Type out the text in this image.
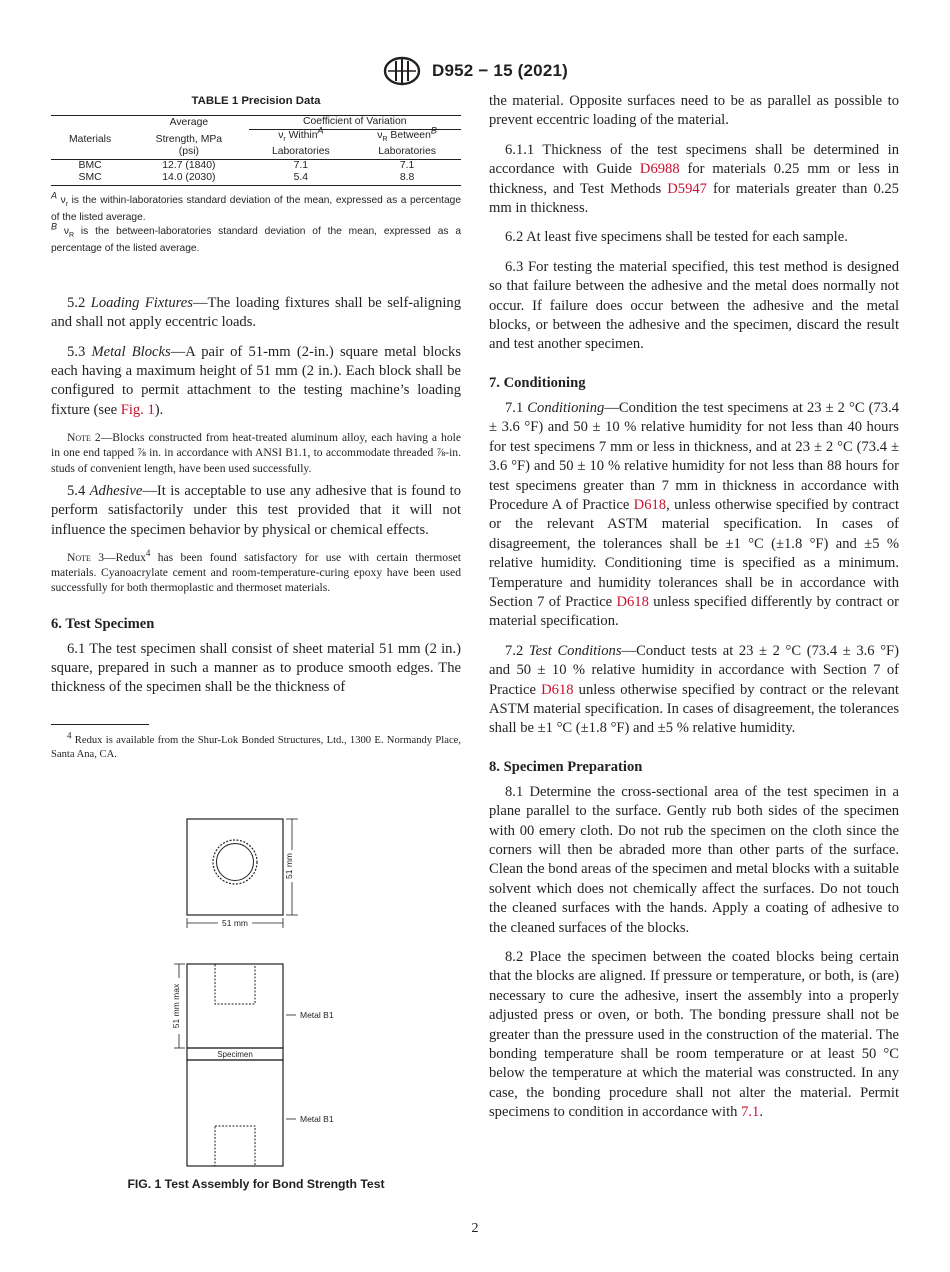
D952 − 15 (2021)
TABLE 1 Precision Data
	Average	Coefficient of Variation	
Materials	Strength, MPa	$\nu_r$ Within$^A$	$\nu_R$ Between$^B$
	(psi)	Laboratories	Laboratories
BMC	12.7 (1840)	7.1	7.1
SMC	14.0 (2030)	5.4	8.8

$^A$ $\nu_r$ is the within-laboratories standard deviation of the mean, expressed as a percentage of the listed average.

$^B$ $\nu_R$ is the between-laboratories standard deviation of the mean, expressed as a percentage of the listed average.

5.2 Loading Fixtures—The loading fixtures shall be self-aligning and shall not apply eccentric loads.

5.3 Metal Blocks—A pair of 51-mm (2-in.) square metal blocks each having a maximum height of 51 mm (2 in.). Each block shall be configured to permit attachment to the testing machine’s loading fixture (see Fig. 1).

Note 2—Blocks constructed from heat-treated aluminum alloy, each having a hole in one end tapped ⅞ in. in accordance with ANSI B1.1, to accommodate threaded ⅞-in. studs of convenient length, have been used successfully.

5.4 Adhesive—It is acceptable to use any adhesive that is found to perform satisfactorily under this test provided that it will not influence the specimen behavior by physical or chemical effects.

Note 3—Redux$^4$ has been found satisfactory for use with certain thermoset materials. Cyanoacrylate cement and room-temperature-curing epoxy have been used successfully for both thermoplastic and thermoset materials.

6. Test Specimen

6.1 The test specimen shall consist of sheet material 51 mm (2 in.) square, prepared in such a manner as to produce smooth edges. The thickness of the specimen shall be the thickness of

$^4$ Redux is available from the Shur-Lok Bonded Structures, Ltd., 1300 E. Normandy Place, Santa Ana, CA.

51 mm
51 mm
Specimen
51 mm max	Metal B1
Metal B1
FIG. 1 Test Assembly for Bond Strength Test

the material. Opposite surfaces need to be as parallel as possible to prevent eccentric loading of the material.

6.1.1 Thickness of the test specimens shall be determined in accordance with Guide D6988 for materials 0.25 mm or less in thickness, and Test Methods D5947 for materials greater than 0.25 mm in thickness.

6.2 At least five specimens shall be tested for each sample.

6.3 For testing the material specified, this test method is designed so that failure between the adhesive and the metal does normally not occur. If failure does occur between the adhesive and the metal blocks, or between the adhesive and the specimen, discard the result and test another specimen.

7. Conditioning

7.1 Conditioning—Condition the test specimens at 23 ± 2 °C (73.4 ± 3.6 °F) and 50 ± 10 % relative humidity for not less than 40 hours for test specimens 7 mm or less in thickness, and at 23 ± 2 °C (73.4 ± 3.6 °F) and 50 ± 10 % relative humidity for not less than 88 hours for test specimens greater than 7 mm in thickness in accordance with Procedure A of Practice D618, unless otherwise specified by contract or the relevant ASTM material specification. In cases of disagreement, the tolerances shall be ±1 °C (±1.8 °F) and ±5 % relative humidity. Conditioning time is specified as a minimum. Temperature and humidity tolerances shall be in accordance with Section 7 of Practice D618 unless specified differently by contract or material specification.

7.2 Test Conditions—Conduct tests at 23 ± 2 °C (73.4 ± 3.6 °F) and 50 ± 10 % relative humidity in accordance with Section 7 of Practice D618 unless otherwise specified by contract or the relevant ASTM material specification. In cases of disagreement, the tolerances shall be ±1 °C (±1.8 °F) and ±5 % relative humidity.

8. Specimen Preparation

8.1 Determine the cross-sectional area of the test specimen in a plane parallel to the surface. Gently rub both sides of the specimen with 00 emery cloth. Do not rub the specimen on the cloth since the corners will then be abraded more than other parts of the surface. Clean the bond areas of the specimen and metal blocks with a suitable solvent which does not chemically affect the surfaces. Do not touch the cleaned surfaces with the hands. Apply a coating of adhesive to the cleaned surfaces of the blocks.

8.2 Place the specimen between the coated blocks being certain that the blocks are aligned. If pressure or temperature, or both, is (are) necessary to cure the adhesive, insert the assembly into a properly adjusted press or oven, or both. The bonding pressure shall not be greater than the pressure used in the construction of the material. The bonding temperature shall be room temperature or at least 50 °C below the temperature at which the material was constructed. In any case, the bonding procedure shall not alter the material. Permit specimens to condition in accordance with 7.1.

2
